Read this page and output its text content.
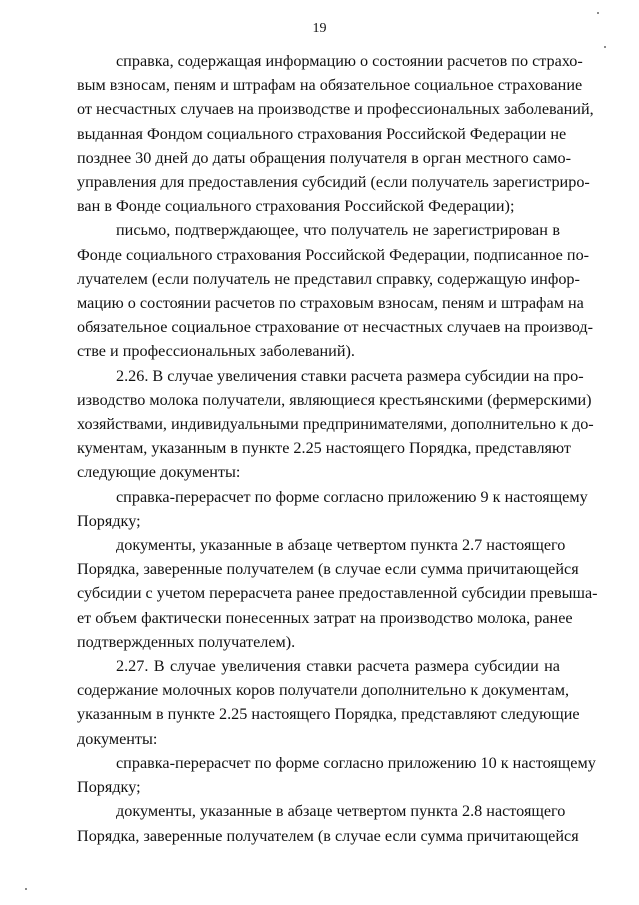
19

справка, содержащая информацию о состоянии расчетов по страхо-
вым взносам, пеням и штрафам на обязательное социальное страхование
от несчастных случаев на производстве и профессиональных заболеваний,
выданная Фондом социального страхования Российской Федерации не
позднее 30 дней до даты обращения получателя в орган местного само-
управления для предоставления субсидий (если получатель зарегистриро-
ван в Фонде социального страхования Российской Федерации);

письмо, подтверждающее, что получатель не зарегистрирован в
Фонде социального страхования Российской Федерации, подписанное по-
лучателем (если получатель не представил справку, содержащую инфор-
мацию о состоянии расчетов по страховым взносам, пеням и штрафам на
обязательное социальное страхование от несчастных случаев на производ-
стве и профессиональных заболеваний).

2.26. В случае увеличения ставки расчета размера субсидии на про-
изводство молока получатели, являющиеся крестьянскими (фермерскими)
хозяйствами, индивидуальными предпринимателями, дополнительно к до-
кументам, указанным в пункте 2.25 настоящего Порядка, представляют
следующие документы:

справка-перерасчет по форме согласно приложению 9 к настоящему
Порядку;

документы, указанные в абзаце четвертом пункта 2.7 настоящего
Порядка, заверенные получателем (в случае если сумма причитающейся
субсидии с учетом перерасчета ранее предоставленной субсидии превыша-
ет объем фактически понесенных затрат на производство молока, ранее
подтвержденных получателем).

2.27. В случае увеличения ставки расчета размера субсидии на
содержание молочных коров получатели дополнительно к документам,
указанным в пункте 2.25 настоящего Порядка, представляют следующие
документы:

справка-перерасчет по форме согласно приложению 10 к настоящему
Порядку;

документы, указанные в абзаце четвертом пункта 2.8 настоящего
Порядка, заверенные получателем (в случае если сумма причитающейся
